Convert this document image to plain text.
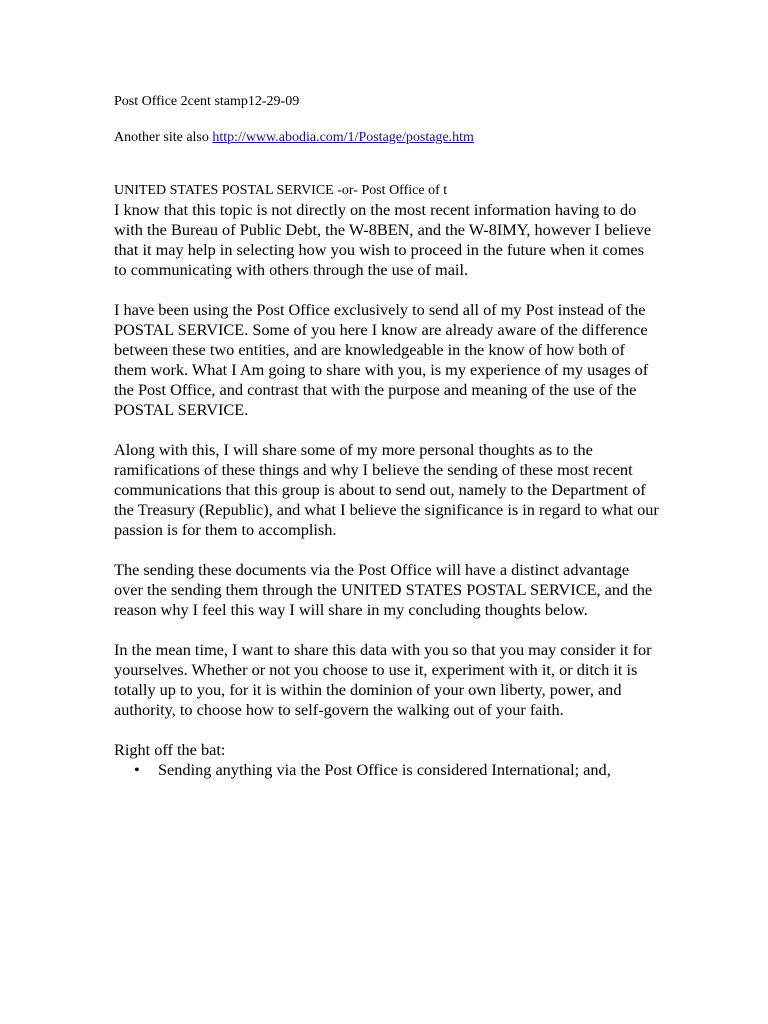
Post Office 2cent stamp12-29-09
Another site also http://www.abodia.com/1/Postage/postage.htm
UNITED STATES POSTAL SERVICE -or- Post Office of t

I know that this topic is not directly on the most recent information having to do with the Bureau of Public Debt, the W-8BEN, and the W-8IMY, however I believe that it may help in selecting how you wish to proceed in the future when it comes to communicating with others through the use of mail.

I have been using the Post Office exclusively to send all of my Post instead of the POSTAL SERVICE. Some of you here I know are already aware of the difference between these two entities, and are knowledgeable in the know of how both of them work. What I Am going to share with you, is my experience of my usages of the Post Office, and contrast that with the purpose and meaning of the use of the POSTAL SERVICE.

Along with this, I will share some of my more personal thoughts as to the ramifications of these things and why I believe the sending of these most recent communications that this group is about to send out, namely to the Department of the Treasury (Republic), and what I believe the significance is in regard to what our passion is for them to accomplish.

The sending these documents via the Post Office will have a distinct advantage over the sending them through the UNITED STATES POSTAL SERVICE, and the reason why I feel this way I will share in my concluding thoughts below.

In the mean time, I want to share this data with you so that you may consider it for yourselves. Whether or not you choose to use it, experiment with it, or ditch it is totally up to you, for it is within the dominion of your own liberty, power, and authority, to choose how to self-govern the walking out of your faith.

Right off the bat:
• Sending anything via the Post Office is considered International; and,
